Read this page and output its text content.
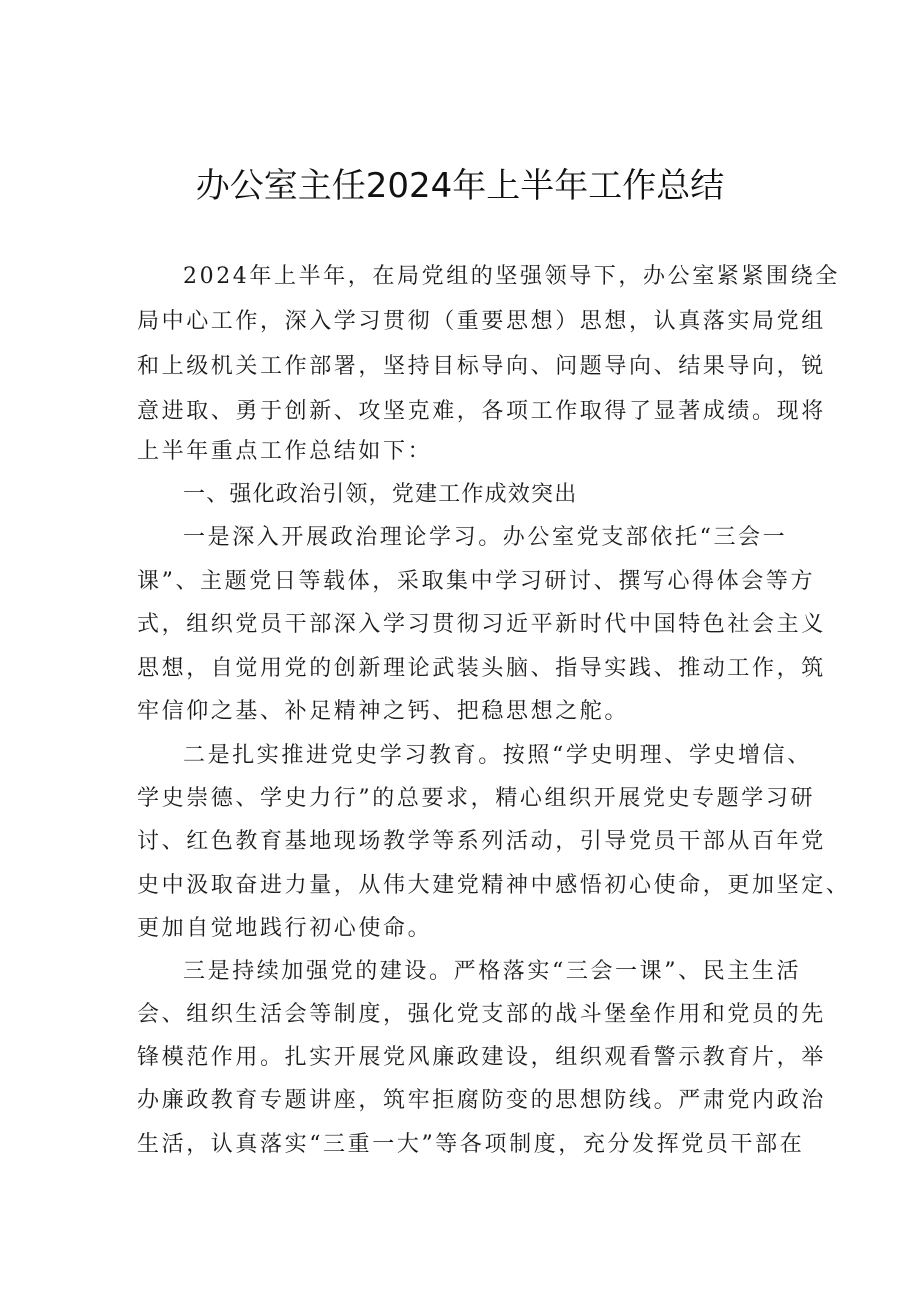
办公室主任2024年上半年工作总结

2024年上半年，在局党组的坚强领导下，办公室紧紧围绕全

局中心工作，深入学习贯彻（重要思想）思想，认真落实局党组

和上级机关工作部署，坚持目标导向、问题导向、结果导向，锐

意进取、勇于创新、攻坚克难，各项工作取得了显著成绩。现将

上半年重点工作总结如下：

一、强化政治引领，党建工作成效突出

一是深入开展政治理论学习。办公室党支部依托“三会一

课”、主题党日等载体，采取集中学习研讨、撰写心得体会等方

式，组织党员干部深入学习贯彻习近平新时代中国特色社会主义

思想，自觉用党的创新理论武装头脑、指导实践、推动工作，筑

牢信仰之基、补足精神之钙、把稳思想之舵。

二是扎实推进党史学习教育。按照“学史明理、学史增信、

学史崇德、学史力行”的总要求，精心组织开展党史专题学习研

讨、红色教育基地现场教学等系列活动，引导党员干部从百年党

史中汲取奋进力量，从伟大建党精神中感悟初心使命，更加坚定、

更加自觉地践行初心使命。

三是持续加强党的建设。严格落实“三会一课”、民主生活

会、组织生活会等制度，强化党支部的战斗堡垒作用和党员的先

锋模范作用。扎实开展党风廉政建设，组织观看警示教育片，举

办廉政教育专题讲座，筑牢拒腐防变的思想防线。严肃党内政治

生活，认真落实“三重一大”等各项制度，充分发挥党员干部在
